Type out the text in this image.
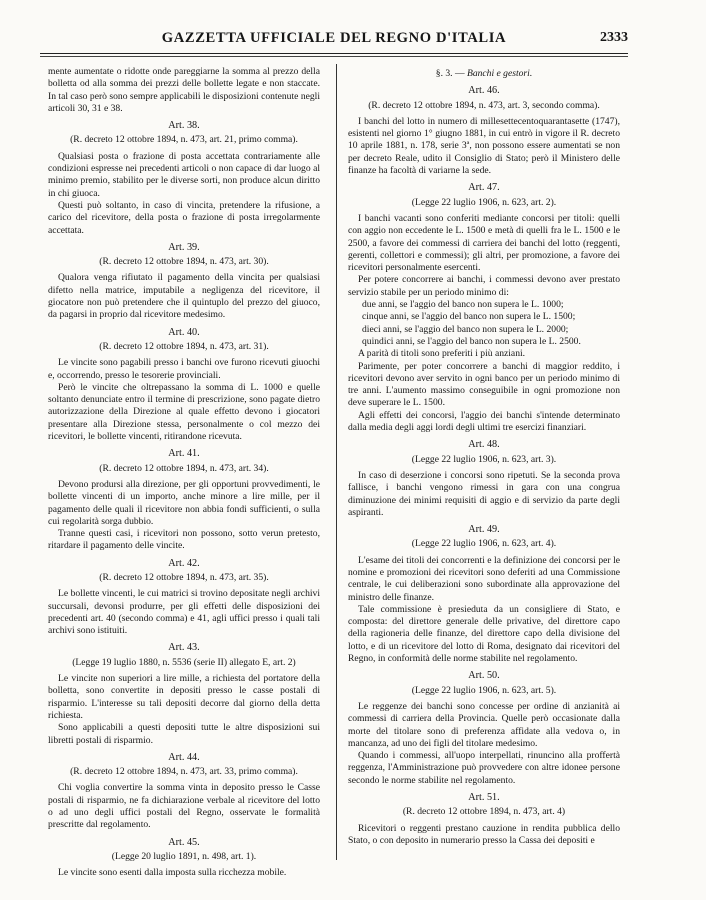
GAZZETTA UFFICIALE DEL REGNO D'ITALIA	2333

mente aumentate o ridotte onde pareggiarne la somma al prezzo della bolletta od alla somma dei prezzi delle bollette legate e non staccate. In tal caso però sono sempre applicabili le disposizioni contenute negli articoli 30, 31 e 38.

Art. 38.
(R. decreto 12 ottobre 1894, n. 473, art. 21, primo comma).

Qualsiasi posta o frazione di posta accettata contrariamente alle condizioni espresse nei precedenti articoli o non capace di dar luogo al minimo premio, stabilito per le diverse sorti, non produce alcun diritto in chi giuoca.

Questi può soltanto, in caso di vincita, pretendere la rifusione, a carico del ricevitore, della posta o frazione di posta irregolarmente accettata.

Art. 39.
(R. decreto 12 ottobre 1894, n. 473, art. 30).

Qualora venga rifiutato il pagamento della vincita per qualsiasi difetto nella matrice, imputabile a negligenza del ricevitore, il giocatore non può pretendere che il quintuplo del prezzo del giuoco, da pagarsi in proprio dal ricevitore medesimo.

Art. 40.
(R. decreto 12 ottobre 1894, n. 473, art. 31).

Le vincite sono pagabili presso i banchi ove furono ricevuti giuochi e, occorrendo, presso le tesorerie provinciali.

Però le vincite che oltrepassano la somma di L. 1000 e quelle soltanto denunciate entro il termine di prescrizione, sono pagate dietro autorizzazione della Direzione al quale effetto devono i giocatori presentare alla Direzione stessa, personalmente o col mezzo dei ricevitori, le bollette vincenti, ritirandone ricevuta.

Art. 41.
(R. decreto 12 ottobre 1894, n. 473, art. 34).

Devono prodursi alla direzione, per gli opportuni provvedimenti, le bollette vincenti di un importo, anche minore a lire mille, per il pagamento delle quali il ricevitore non abbia fondi sufficienti, o sulla cui regolarità sorga dubbio.

Tranne questi casi, i ricevitori non possono, sotto verun pretesto, ritardare il pagamento delle vincite.

Art. 42.
(R. decreto 12 ottobre 1894, n. 473, art. 35).

Le bollette vincenti, le cui matrici si trovino depositate negli archivi succursali, devonsi produrre, per gli effetti delle disposizioni dei precedenti art. 40 (secondo comma) e 41, agli uffici presso i quali tali archivi sono istituiti.

Art. 43.
(Legge 19 luglio 1880, n. 5536 (serie II) allegato E, art. 2)

Le vincite non superiori a lire mille, a richiesta del portatore della bolletta, sono convertite in depositi presso le casse postali di risparmio. L'interesse su tali depositi decorre dal giorno della detta richiesta.

Sono applicabili a questi depositi tutte le altre disposizioni sui libretti postali di risparmio.

Art. 44.
(R. decreto 12 ottobre 1894, n. 473, art. 33, primo comma).

Chi voglia convertire la somma vinta in deposito presso le Casse postali di risparmio, ne fa dichiarazione verbale al ricevitore del lotto o ad uno degli uffici postali del Regno, osservate le formalità prescritte dal regolamento.

Art. 45.
(Legge 20 luglio 1891, n. 498, art. 1).

Le vincite sono esenti dalla imposta sulla ricchezza mobile.

§. 3. — Banchi e gestori.
Art. 46.
(R. decreto 12 ottobre 1894, n. 473, art. 3, secondo comma).

I banchi del lotto in numero di millesettecentoquarantasette (1747), esistenti nel giorno 1° giugno 1881, in cui entrò in vigore il R. decreto 10 aprile 1881, n. 178, serie 3ª, non possono essere aumentati se non per decreto Reale, udito il Consiglio di Stato; però il Ministero delle finanze ha facoltà di variarne la sede.

Art. 47.
(Legge 22 luglio 1906, n. 623, art. 2).

I banchi vacanti sono conferiti mediante concorsi per titoli: quelli con aggio non eccedente le L. 1500 e metà di quelli fra le L. 1500 e le 2500, a favore dei commessi di carriera dei banchi del lotto (reggenti, gerenti, collettori e commessi); gli altri, per promozione, a favore dei ricevitori personalmente esercenti.

Per potere concorrere ai banchi, i commessi devono aver prestato servizio stabile per un periodo minimo di:

due anni, se l'aggio del banco non supera le L. 1000;

cinque anni, se l'aggio del banco non supera le L. 1500;

dieci anni, se l'aggio del banco non supera le L. 2000;

quindici anni, se l'aggio del banco non supera le L. 2500.

A parità di titoli sono preferiti i più anziani.

Parimente, per poter concorrere a banchi di maggior reddito, i ricevitori devono aver servito in ogni banco per un periodo minimo di tre anni. L'aumento massimo conseguibile in ogni promozione non deve superare le L. 1500.

Agli effetti dei concorsi, l'aggio dei banchi s'intende determinato dalla media degli aggi lordi degli ultimi tre esercizi finanziari.

Art. 48.
(Legge 22 luglio 1906, n. 623, art. 3).

In caso di deserzione i concorsi sono ripetuti. Se la seconda prova fallisce, i banchi vengono rimessi in gara con una congrua diminuzione dei minimi requisiti di aggio e di servizio da parte degli aspiranti.

Art. 49.
(Legge 22 luglio 1906, n. 623, art. 4).

L'esame dei titoli dei concorrenti e la definizione dei concorsi per le nomine e promozioni dei ricevitori sono deferiti ad una Commissione centrale, le cui deliberazioni sono subordinate alla approvazione del ministro delle finanze.

Tale commissione è presieduta da un consigliere di Stato, e composta: del direttore generale delle privative, del direttore capo della ragioneria delle finanze, del direttore capo della divisione del lotto, e di un ricevitore del lotto di Roma, designato dai ricevitori del Regno, in conformità delle norme stabilite nel regolamento.

Art. 50.
(Legge 22 luglio 1906, n. 623, art. 5).

Le reggenze dei banchi sono concesse per ordine di anzianità ai commessi di carriera della Provincia. Quelle però occasionate dalla morte del titolare sono di preferenza affidate alla vedova o, in mancanza, ad uno dei figli del titolare medesimo.

Quando i commessi, all'uopo interpellati, rinuncino alla proffertà reggenza, l'Amministrazione può provvedere con altre idonee persone secondo le norme stabilite nel regolamento.

Art. 51.
(R. decreto 12 ottobre 1894, n. 473, art. 4)

Ricevitori o reggenti prestano cauzione in rendita pubblica dello Stato, o con deposito in numerario presso la Cassa dei depositi e
